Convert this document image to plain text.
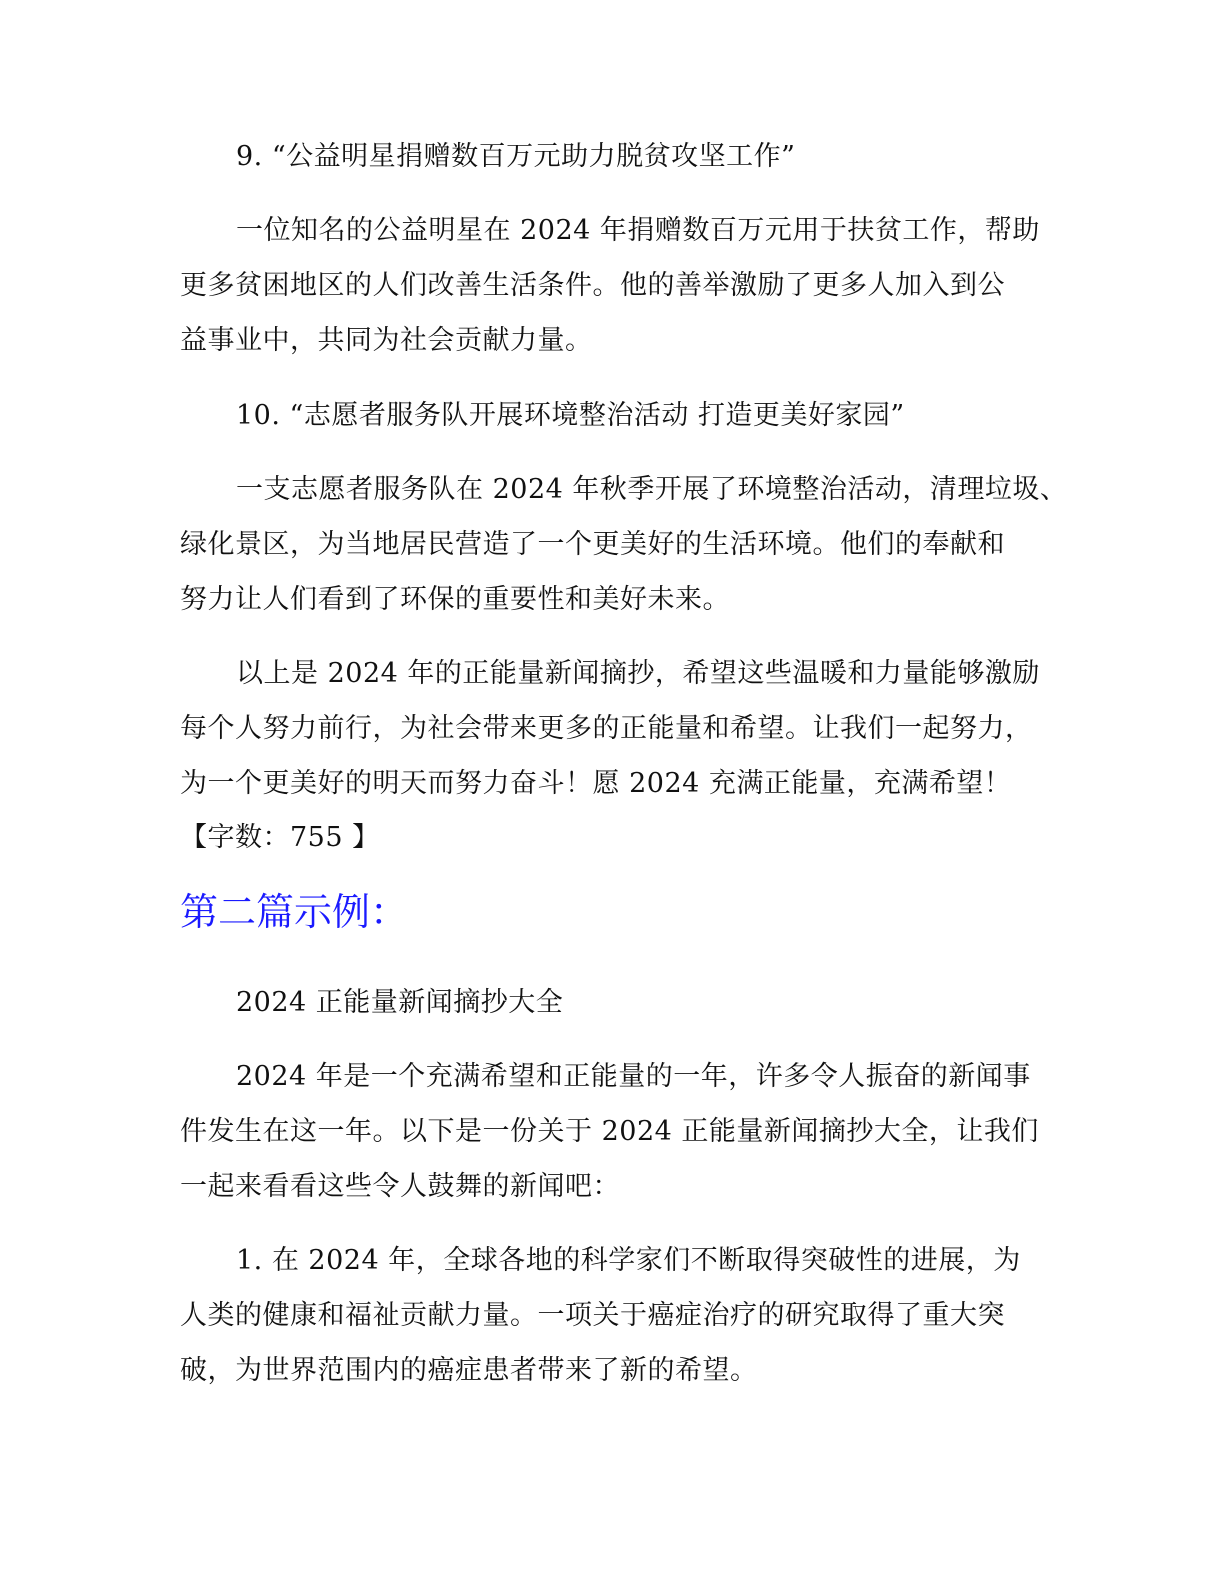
9. “公益明星捐赠数百万元助力脱贫攻坚工作”
一位知名的公益明星在 2024 年捐赠数百万元用于扶贫工作，帮助
更多贫困地区的人们改善生活条件。他的善举激励了更多人加入到公
益事业中，共同为社会贡献力量。
10. “志愿者服务队开展环境整治活动 打造更美好家园”
一支志愿者服务队在 2024 年秋季开展了环境整治活动，清理垃圾、
绿化景区，为当地居民营造了一个更美好的生活环境。他们的奉献和
努力让人们看到了环保的重要性和美好未来。
以上是 2024 年的正能量新闻摘抄，希望这些温暖和力量能够激励
每个人努力前行，为社会带来更多的正能量和希望。让我们一起努力，
为一个更美好的明天而努力奋斗！愿 2024 充满正能量，充满希望！
【字数：755 】
第二篇示例：
2024 正能量新闻摘抄大全
2024 年是一个充满希望和正能量的一年，许多令人振奋的新闻事
件发生在这一年。以下是一份关于 2024 正能量新闻摘抄大全，让我们
一起来看看这些令人鼓舞的新闻吧：
1. 在 2024 年，全球各地的科学家们不断取得突破性的进展，为
人类的健康和福祉贡献力量。一项关于癌症治疗的研究取得了重大突
破，为世界范围内的癌症患者带来了新的希望。
